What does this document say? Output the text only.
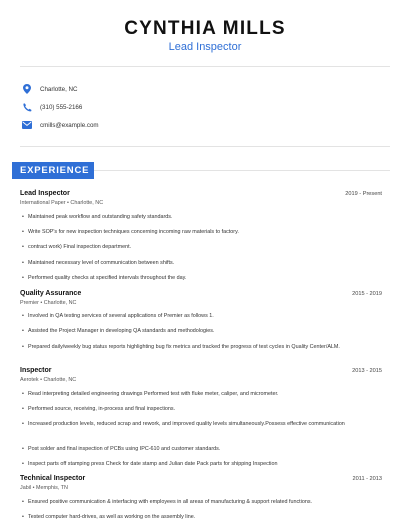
CYNTHIA MILLS
Lead Inspector
Charlotte, NC
(310) 555-2166
cmills@example.com
EXPERIENCE
Lead Inspector	2019 - Present
International Paper • Charlotte, NC
• Maintained peak workflow and outstanding safety standards.
• Write SOP's for new inspection techniques concerning incoming raw materials to factory.
• contract work) Final inspection department.
• Maintained necessary level of communication between shifts.
• Performed quality checks at specified intervals throughout the day.
Quality Assurance	2015 - 2019
Premier • Charlotte, NC
• Involved in QA testing services of several applications of Premier as follows 1.
• Assisted the Project Manager in developing QA standards and methodologies.
• Prepared daily/weekly bug status reports highlighting bug fix metrics and tracked the progress of test cycles in Quality Center/ALM.
Inspector	2013 - 2015
Aerotek • Charlotte, NC
• Read interpreting detailed engineering drawings Performed test with fluke meter, caliper, and micrometer.
• Performed source, receiving, in-process and final inspections.
• Increased production levels, reduced scrap and rework, and improved quality levels simultaneously.Possess effective communication
• Post solder and final inspection of PCBs using IPC-610 and customer standards.
• Inspect parts off stamping press Check for date stamp and Julian date Pack parts for shipping Inspection
Technical Inspector	2011 - 2013
Jabil • Memphis, TN
• Ensured positive communication & interfacing with employees in all areas of manufacturing & support related functions.
• Tested computer hard-drives, as well as working on the assembly line.
